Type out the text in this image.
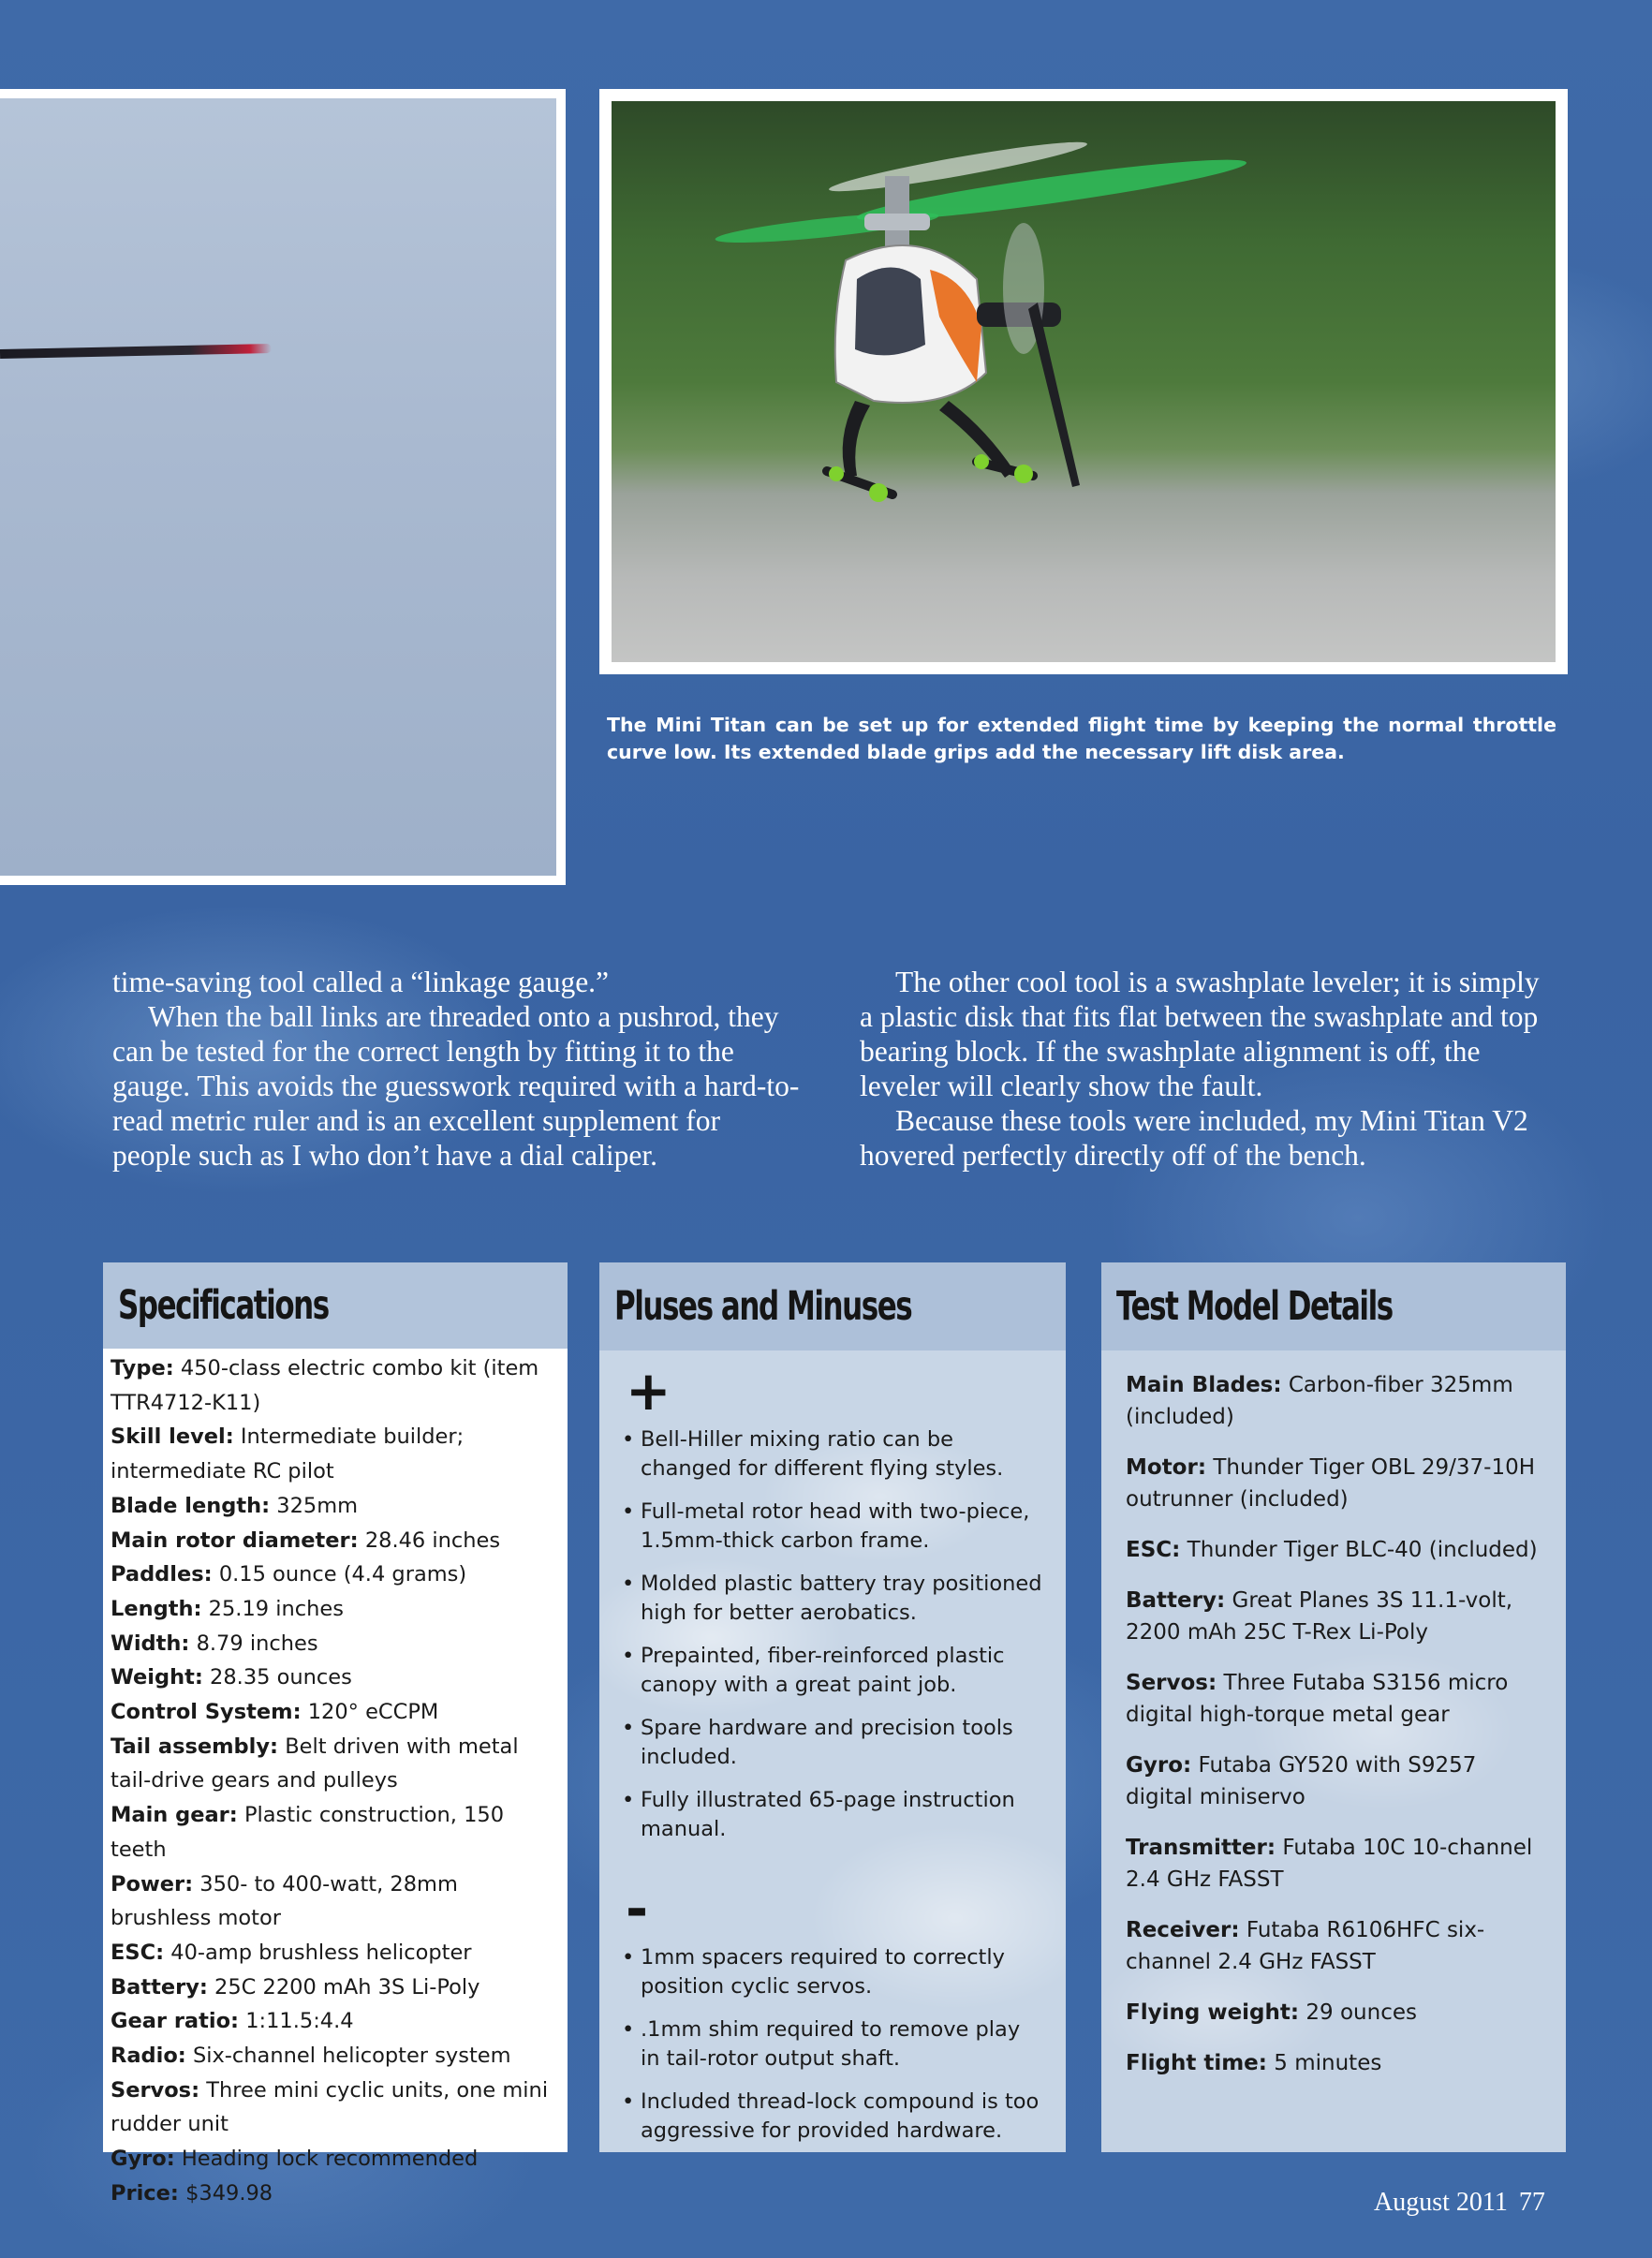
The Mini Titan can be set up for extended flight time by keeping the normal throttle curve low. Its extended blade grips add the necessary lift disk area.

time-saving tool called a “linkage gauge.”

When the ball links are threaded onto a pushrod, they can be tested for the correct length by fitting it to the gauge. This avoids the guesswork required with a hard-to-read metric ruler and is an excellent supplement for people such as I who don’t have a dial caliper.

The other cool tool is a swashplate leveler; it is simply a plastic disk that fits flat between the swashplate and top bearing block. If the swashplate alignment is off, the leveler will clearly show the fault.

Because these tools were included, my Mini Titan V2 hovered perfectly directly off of the bench.

Specifications
Type: 450-class electric combo kit (item TTR4712-K11)
Skill level: Intermediate builder; intermediate RC pilot
Blade length: 325mm
Main rotor diameter: 28.46 inches
Paddles: 0.15 ounce (4.4 grams)
Length: 25.19 inches
Width: 8.79 inches
Weight: 28.35 ounces
Control System: 120° eCCPM
Tail assembly: Belt driven with metal tail-drive gears and pulleys
Main gear: Plastic construction, 150 teeth
Power: 350- to 400-watt, 28mm brushless motor
ESC: 40-amp brushless helicopter
Battery: 25C 2200 mAh 3S Li-Poly
Gear ratio: 1:11.5:4.4
Radio: Six-channel helicopter system
Servos: Three mini cyclic units, one mini rudder unit
Gyro: Heading lock recommended
Price: $349.98
Pluses and Minuses
+
• Bell-Hiller mixing ratio can be changed for different flying styles.
• Full-metal rotor head with two-piece, 1.5mm-thick carbon frame.
• Molded plastic battery tray positioned high for better aerobatics.
• Prepainted, fiber-reinforced plastic canopy with a great paint job.
• Spare hardware and precision tools included.
• Fully illustrated 65-page instruction manual.
-
• 1mm spacers required to correctly position cyclic servos.
• .1mm shim required to remove play in tail-rotor output shaft.
• Included thread-lock compound is too aggressive for provided hardware.
Test Model Details
Main Blades: Carbon-fiber 325mm (included)
Motor: Thunder Tiger OBL 29/37-10H outrunner (included)
ESC: Thunder Tiger BLC-40 (included)
Battery: Great Planes 3S 11.1-volt, 2200 mAh 25C T-Rex Li-Poly
Servos: Three Futaba S3156 micro digital high-torque metal gear
Gyro: Futaba GY520 with S9257 digital miniservo
Transmitter: Futaba 10C 10-channel 2.4 GHz FASST
Receiver: Futaba R6106HFC six-channel 2.4 GHz FASST
Flying weight: 29 ounces
Flight time: 5 minutes
August 2011 77
